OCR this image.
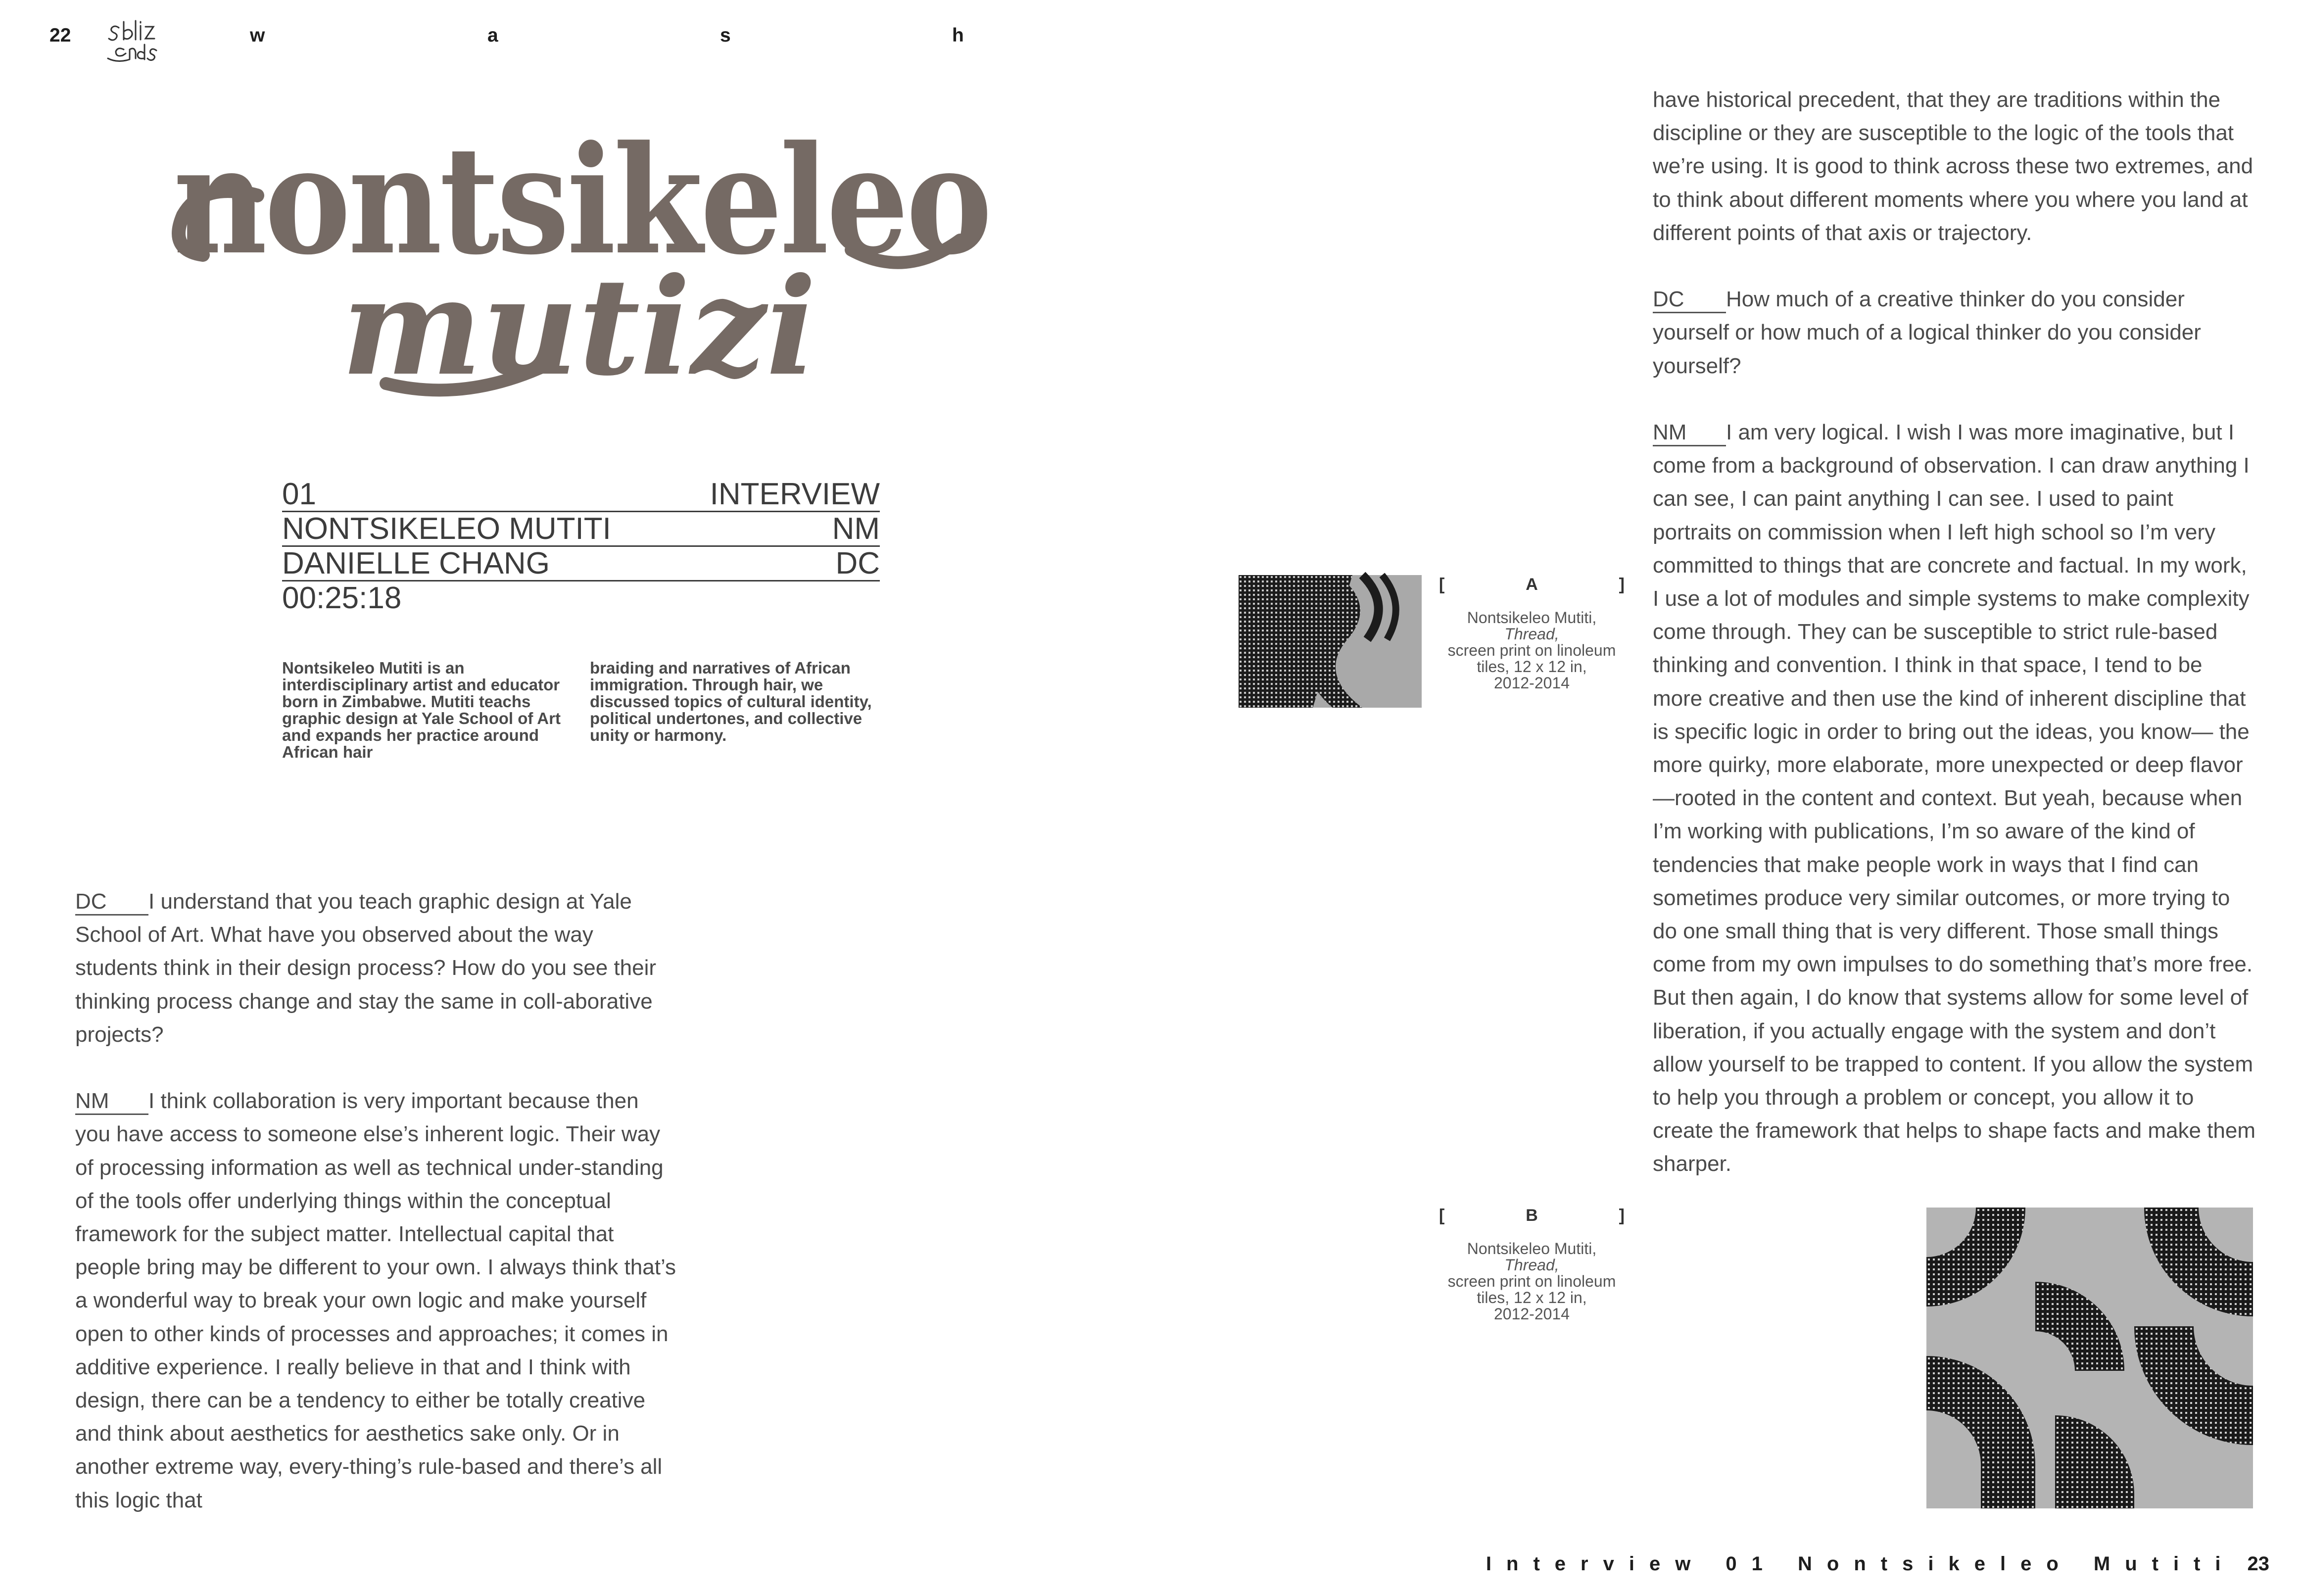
22	w	a	s	h
nontsikeleo
mutizi
01	INTERVIEW
NONTSIKELEO MUTITI	NM
DANIELLE CHANG	DC
00:25:18
Nontsikeleo Mutiti is an interdisciplinary artist and educator born in Zimbabwe. Mutiti teachs graphic design at Yale School of Art and expands her practice around African hair
braiding and narratives of African immigration. Through hair, we discussed topics of cultural identity, political undertones, and collective unity or harmony.

DC I understand that you teach graphic design at Yale School of Art. What have you observed about the way students think in their design process? How do you see their thinking process change and stay the same in coll-aborative projects?

NM I think collaboration is very important because then you have access to someone else’s inherent logic. Their way of processing information as well as technical under-standing of the tools offer underlying things within the conceptual framework for the subject matter. Intellectual capital that people bring may be different to your own. I always think that’s a wonderful way to break your own logic and make yourself open to other kinds of processes and approaches; it comes in additive experience. I really believe in that and I think with design, there can be a tendency to either be totally creative and think about aesthetics for aesthetics sake only. Or in another extreme way, every-thing’s rule-based and there’s all this logic that

[	A	]
Nontsikeleo Mutiti,
Thread,
screen print on linoleum tiles, 12 x 12 in,
2012-2014
[	B	]
Nontsikeleo Mutiti,
Thread,
screen print on linoleum tiles, 12 x 12 in,
2012-2014

have historical precedent, that they are traditions within the discipline or they are susceptible to the logic of the tools that we’re using. It is good to think across these two extremes, and to think about different moments where you where you land at different points of that axis or trajectory.

DC How much of a creative thinker do you consider yourself or how much of a logical thinker do you consider yourself?

NM I am very logical. I wish I was more imaginative, but I come from a background of observation. I can draw anything I can see, I can paint anything I can see. I used to paint portraits on commission when I left high school so I’m very committed to things that are concrete and factual. In my work, I use a lot of modules and simple systems to make complexity come through. They can be susceptible to strict rule-based thinking and convention. I think in that space, I tend to be more creative and then use the kind of inherent discipline that is specific logic in order to bring out the ideas, you know— the more quirky, more elaborate, more unexpected or deep flavor —rooted in the content and context. But yeah, because when I’m working with publications, I’m so aware of the kind of tendencies that make people work in ways that I find can sometimes produce very similar outcomes, or more trying to do one small thing that is very different. Those small things come from my own impulses to do something that’s more free. But then again, I do know that systems allow for some level of liberation, if you actually engage with the system and don’t allow yourself to be trapped to content. If you allow the system to help you through a problem or concept, you allow it to create the framework that helps to shape facts and make them sharper.

Interview 01 Nontsikeleo Mutiti 23
